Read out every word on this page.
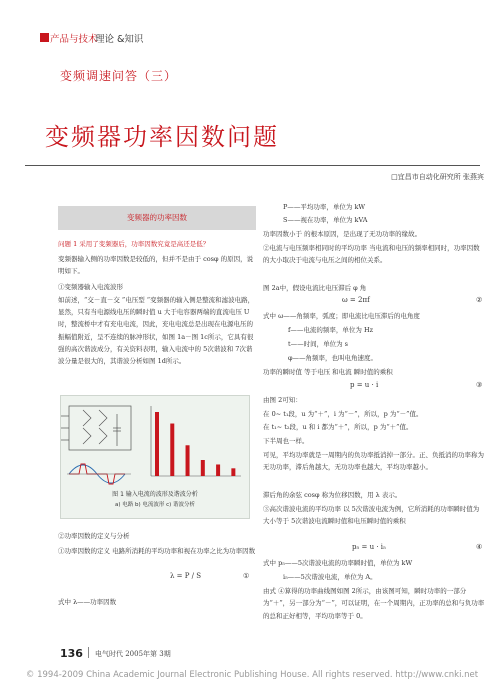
产品与技术
理论 &知识
变频调速问答（三）
变频器功率因数问题
□宜昌市自动化研究所 张燕宾
变频器的功率因数
问题 1 采用了变频器后，功率因数究竟是高还是低？
变频器输入侧的功率因数是较低的，但并不是由于 cosφ 的原因，说明如下。
①变频器输入电流波形
如前述，“交－直－交 ”电压型 “变频器的输入侧是整流和滤波电路，显然，只有当电源线电压的瞬时值 u 大于电容器两端的直流电压 U 时，整流桥中才有充电电流，因此，充电电流总是出现在电源电压的振幅值附近，呈不连续的脉冲形状，如图 1a－图 1c所示，它具有很强的高次谐波成分，有关资料表明，输入电流中的 5次谐波和 7次谐波分量是很大的，其谐波分析如图 1d所示。
图 1 输入电流的波形及谐波分析
a) 电路 b) 电流波形 c) 谐波分析
②功率因数的定义与分析
①功率因数的定义 电路所消耗的平均功率和视在功率之比为功率因数
λ = P / S	①
式中 λ——功率因数
P——平均功率，单位为 kW
S——视在功率，单位为 kVA
功率因数小于 的根本原因，是出现了无功功率的缘故。
②电流与电压频率相同时的平均功率 当电流和电压的频率相同时，功率因数的大小取决于电流与电压之间的相位关系。
图 2a中，假设电流比电压滞后 φ 角
ω = 2πf	②
式中 ω——角频率，弧度；即电流比电压滞后的电角度
f——电流的频率，单位为 Hz
t——时间，单位为 s
φ——角频率，也叫电角速度。
功率的瞬时值 等于电压 和电流 瞬时值的乘积
p = u · i	③
由图 2可知：
在 0~ t₁段，u 为“＋”，i 为“－”，所以，p 为“－”值。
在 t₁~ t₂段，u 和 i 都为“＋”，所以，p 为“＋”值。
下半周也一样。
可见，平均功率就是一周期内的负功率抵消掉一部分。正、负抵消的功率称为无功功率，滞后角越大，无功功率也越大，平均功率越小。
滞后角的余弦 cosφ 称为位移因数，用 λ 表示。
③高次谐波电流的平均功率 以 5次谐波电流为例，它所消耗的功率瞬时值为大小等于 5次谐波电流瞬时值和电压瞬时值的乘积
p₅ = u · i₅	④
式中 p₅——5次谐波电流的功率瞬时值，单位为 kW
i₅——5次谐波电流，单位为 A。
由式 ④算得的功率曲线图如图 2所示，由该图可知，瞬时功率的一部分为“＋”，另一部分为“－”，可以证明，在一个周期内，正功率的总和与负功率的总和正好相等，平均功率等于 0。
136 电气时代 2005年第 3期
© 1994-2009 China Academic Journal Electronic Publishing House. All rights reserved. http://www.cnki.net
